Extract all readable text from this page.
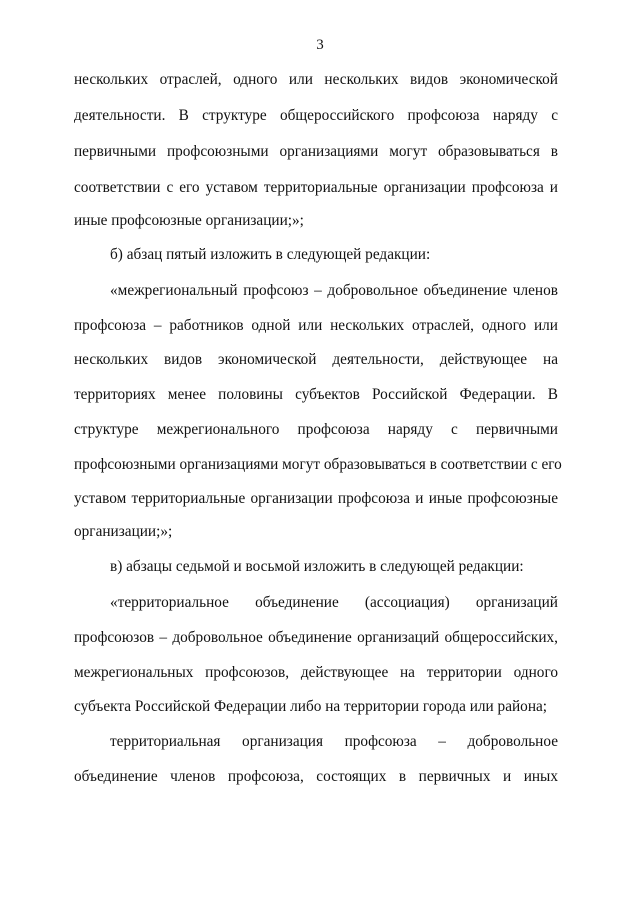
3
нескольких отраслей, одного или нескольких видов экономической
деятельности. В структуре общероссийского профсоюза наряду с
первичными профсоюзными организациями могут образовываться в
соответствии с его уставом территориальные организации профсоюза и
иные профсоюзные организации;»;
б) абзац пятый изложить в следующей редакции:
«межрегиональный профсоюз – добровольное объединение членов
профсоюза – работников одной или нескольких отраслей, одного или
нескольких видов экономической деятельности, действующее на
территориях менее половины субъектов Российской Федерации. В
структуре межрегионального профсоюза наряду с первичными
профсоюзными организациями могут образовываться в соответствии с его
уставом территориальные организации профсоюза и иные профсоюзные
организации;»;
в) абзацы седьмой и восьмой изложить в следующей редакции:
«территориальное объединение (ассоциация) организаций
профсоюзов – добровольное объединение организаций общероссийских,
межрегиональных профсоюзов, действующее на территории одного
субъекта Российской Федерации либо на территории города или района;
территориальная организация профсоюза – добровольное
объединение членов профсоюза, состоящих в первичных и иных
